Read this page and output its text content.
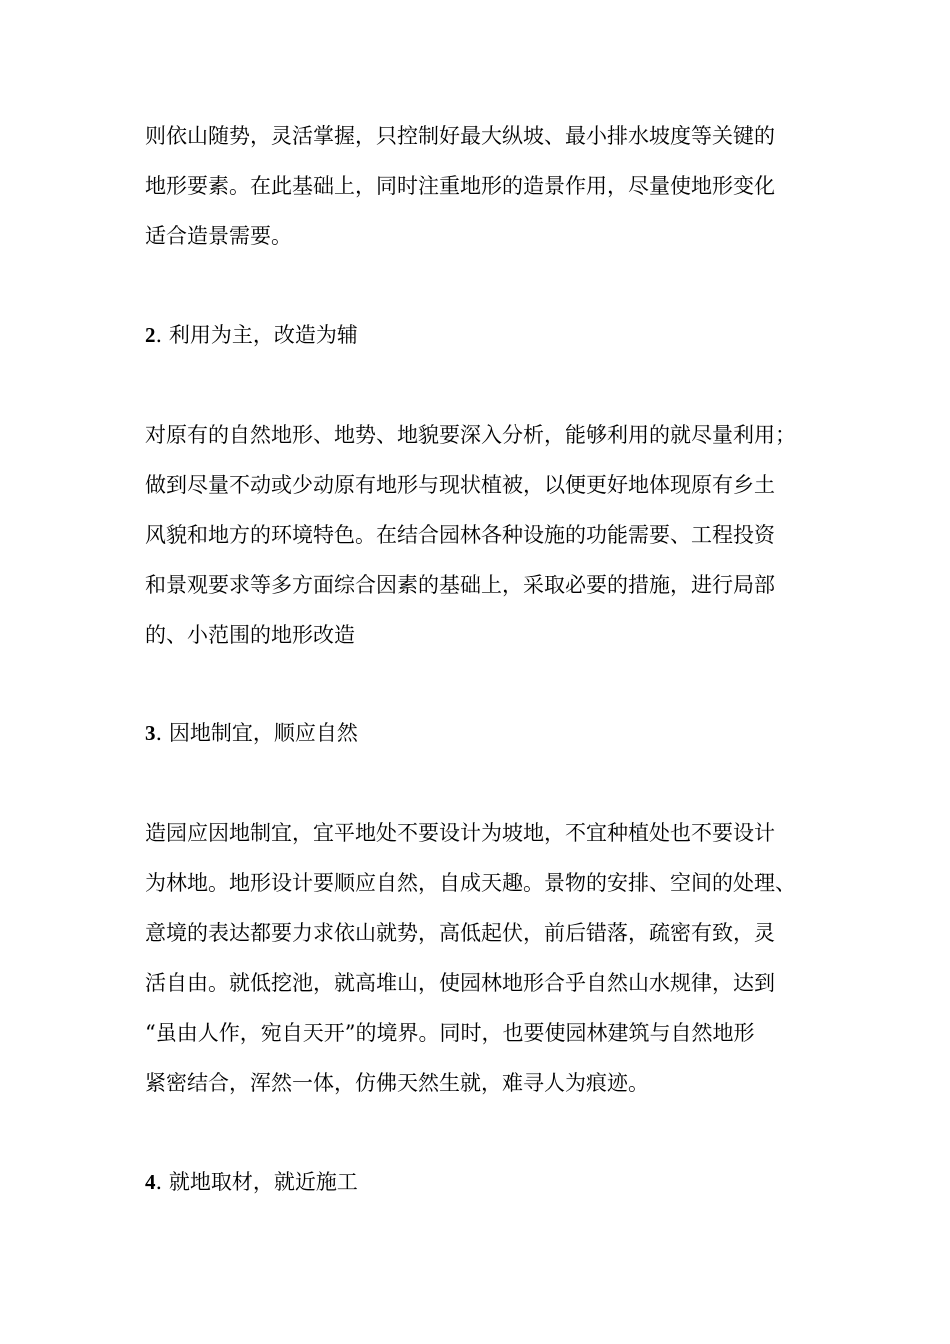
则依山随势，灵活掌握，只控制好最大纵坡、最小排水坡度等关键的
地形要素。在此基础上，同时注重地形的造景作用，尽量使地形变化
适合造景需要。
2. 利用为主，改造为辅
对原有的自然地形、地势、地貌要深入分析，能够利用的就尽量利用；
做到尽量不动或少动原有地形与现状植被，以便更好地体现原有乡土
风貌和地方的环境特色。在结合园林各种设施的功能需要、工程投资
和景观要求等多方面综合因素的基础上，采取必要的措施，进行局部
的、小范围的地形改造
3. 因地制宜，顺应自然
造园应因地制宜，宜平地处不要设计为坡地，不宜种植处也不要设计
为林地。地形设计要顺应自然，自成天趣。景物的安排、空间的处理、
意境的表达都要力求依山就势，高低起伏，前后错落，疏密有致，灵
活自由。就低挖池，就高堆山，使园林地形合乎自然山水规律，达到
“虽由人作，宛自天开”的境界。同时，也要使园林建筑与自然地形
紧密结合，浑然一体，仿佛天然生就，难寻人为痕迹。
4. 就地取材，就近施工
